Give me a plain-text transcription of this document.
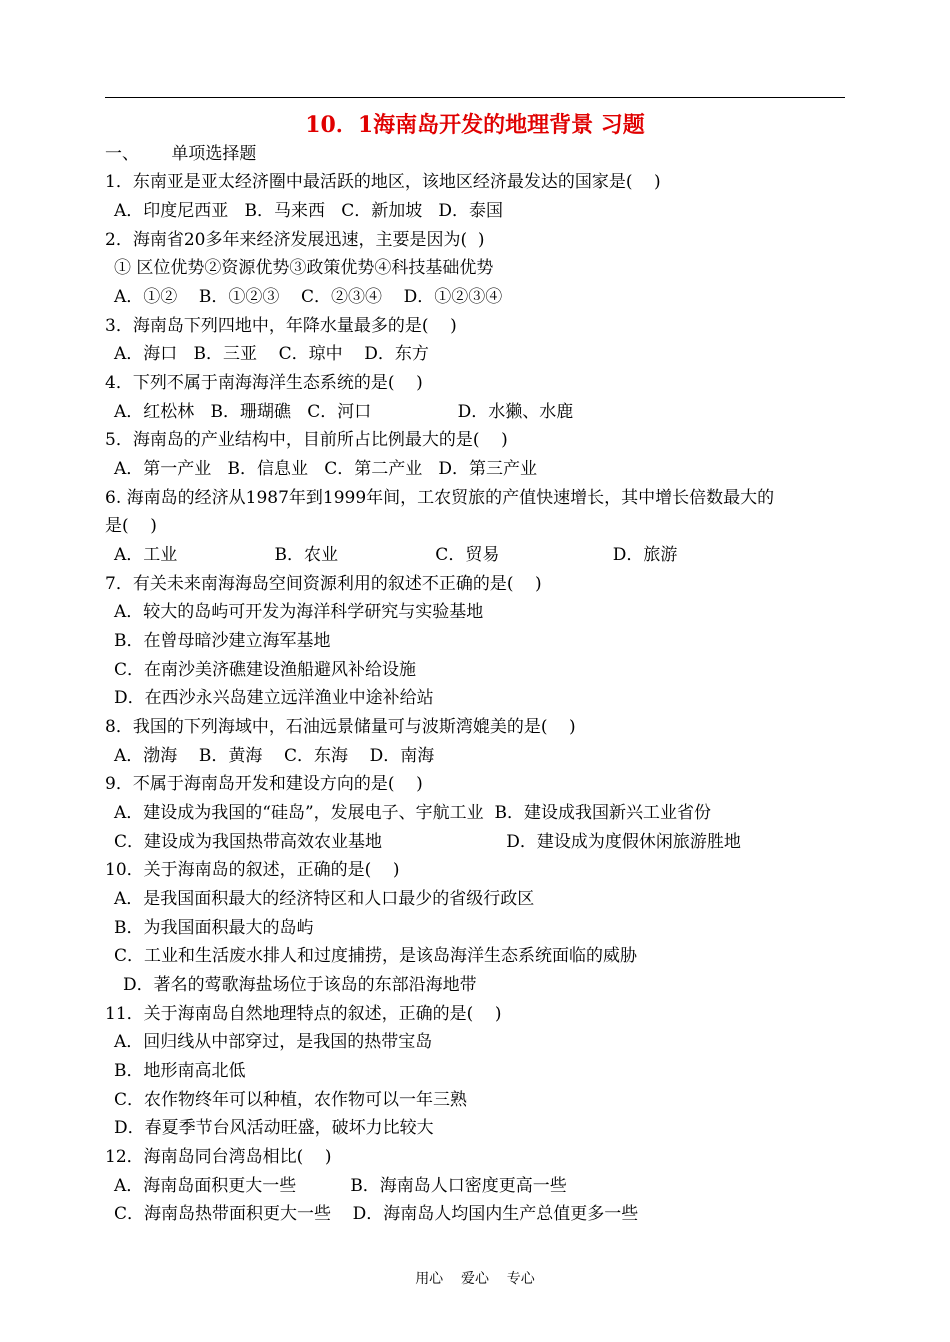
10．1海南岛开发的地理背景 习题
一、      单项选择题
1．东南亚是亚太经济圈中最活跃的地区，该地区经济最发达的国家是(    )
A．印度尼西亚   B．马来西   C．新加坡   D．泰国
2．海南省20多年来经济发展迅速，主要是因为(  )
① 区位优势②资源优势③政策优势④科技基础优势
A．①②    B．①②③    C．②③④    D．①②③④
3．海南岛下列四地中，年降水量最多的是(    )
A．海口   B．三亚    C．琼中    D．东方
4．下列不属于南海海洋生态系统的是(    )
A．红松林   B．珊瑚礁   C．河口                D．水獭、水鹿
5．海南岛的产业结构中，目前所占比例最大的是(    )
A．第一产业   B．信息业   C．第二产业   D．第三产业
6. 海南岛的经济从1987年到1999年间，工农贸旅的产值快速增长，其中增长倍数最大的
是(    )
A．工业                  B．农业                  C．贸易                     D．旅游
7．有关未来南海海岛空间资源利用的叙述不正确的是(    )
A．较大的岛屿可开发为海洋科学研究与实验基地
B．在曾母暗沙建立海军基地
C．在南沙美济礁建设渔船避风补给设施
D．在西沙永兴岛建立远洋渔业中途补给站
8．我国的下列海域中，石油远景储量可与波斯湾媲美的是(    )
A．渤海    B．黄海    C．东海    D．南海
9．不属于海南岛开发和建设方向的是(    )
A．建设成为我国的“硅岛”，发展电子、宇航工业  B．建设成我国新兴工业省份
C．建设成为我国热带高效农业基地                       D．建设成为度假休闲旅游胜地
10．关于海南岛的叙述，正确的是(    )
A．是我国面积最大的经济特区和人口最少的省级行政区
B．为我国面积最大的岛屿
C．工业和生活废水排人和过度捕捞，是该岛海洋生态系统面临的威胁
D．著名的莺歌海盐场位于该岛的东部沿海地带
11．关于海南岛自然地理特点的叙述，正确的是(    )
A．回归线从中部穿过，是我国的热带宝岛
B．地形南高北低
C．农作物终年可以种植，农作物可以一年三熟
D．春夏季节台风活动旺盛，破坏力比较大
12．海南岛同台湾岛相比(    )
A．海南岛面积更大一些          B．海南岛人口密度更高一些
C．海南岛热带面积更大一些    D．海南岛人均国内生产总值更多一些
用心    爱心    专心
